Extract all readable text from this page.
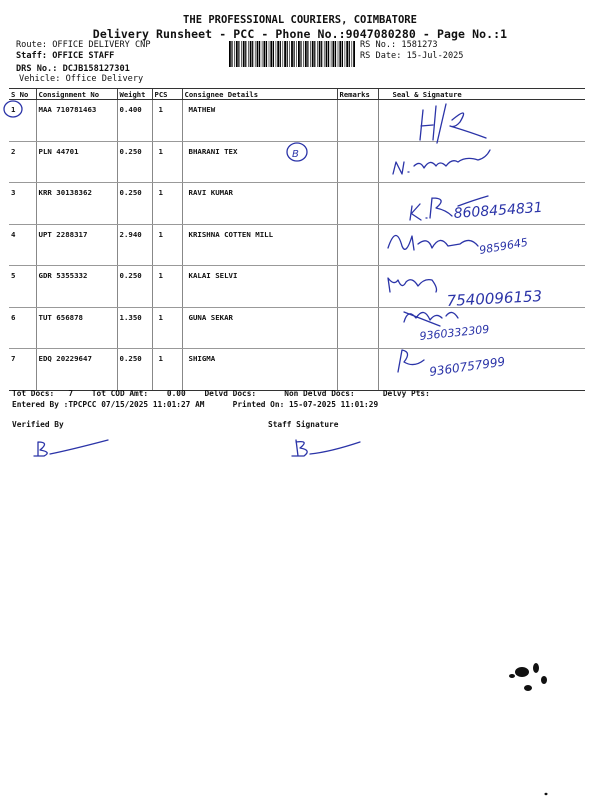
THE PROFESSIONAL COURIERS, COIMBATORE
Delivery Runsheet - PCC - Phone No.:9047080280 - Page No.:1
Route: OFFICE DELIVERY CNP
Staff: OFFICE STAFF
DRS No.: DCJB158127301
Vehicle: Office Delivery
RS No.: 1581273
RS Date: 15-Jul-2025
S No	Consignment No	Weight	PCS	Consignee Details	Remarks	Seal & Signature
1	MAA 710781463	0.400	1	MATHEW		
2	PLN 44701	0.250	1	BHARANI TEX		
3	KRR 30138362	0.250	1	RAVI KUMAR		
4	UPT 2288317	2.940	1	KRISHNA COTTEN MILL		
5	GDR 5355332	0.250	1	KALAI SELVI		
6	TUT 656878	1.350	1	GUNA SEKAR		
7	EDQ 20229647	0.250	1	SHIGMA		
Tot Docs:   7    Tot COD Amt:    0.00    Delvd Docs:      Non Delvd Docs:      Delvy Pts:
Entered By :TPCPCC 07/15/2025 11:01:27 AM      Printed On: 15-07-2025 11:01:29
Verified By	Staff Signature
B
8608454831
9859645
7540096153
9360332309
9360757999
